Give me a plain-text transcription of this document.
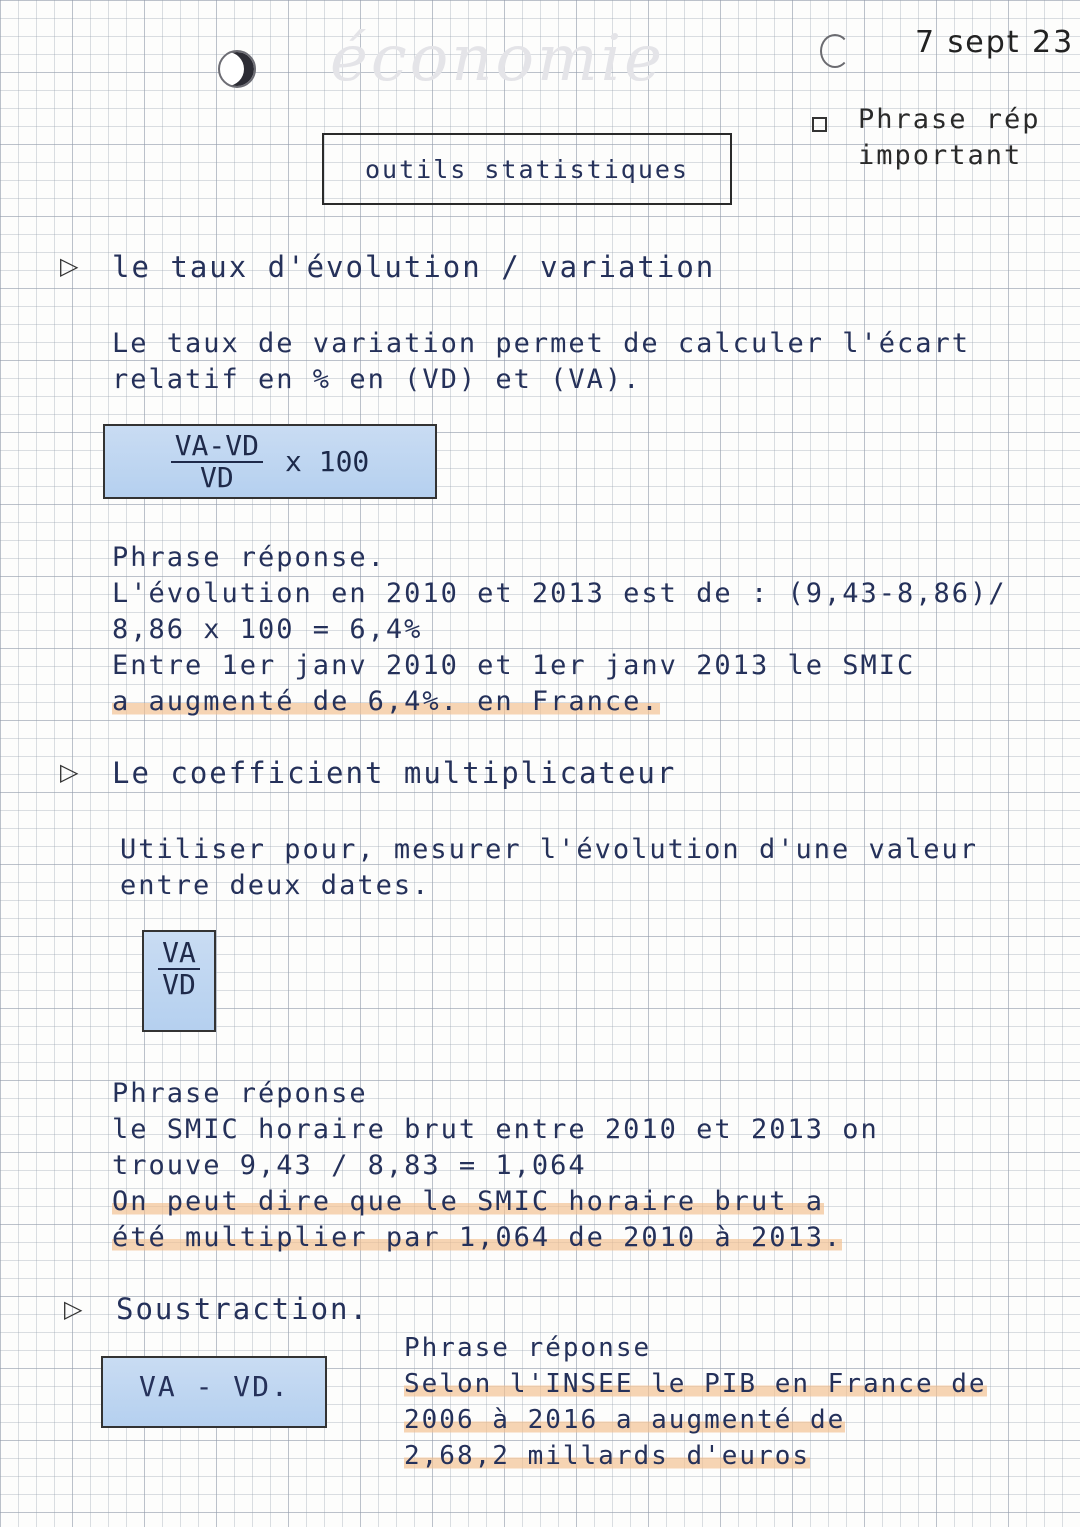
économie	7 sept 23
outils statistiques
Phrase rép
important
▷ le taux d'évolution / variation
Le taux de variation permet de calculer l'écart
relatif en % en (VD) et (VA).
$\frac{VA-VD}{VD}$ x 100
Phrase réponse.
L'évolution en 2010 et 2013 est de : (9,43-8,86)/
8,86 x 100 = 6,4%
Entre 1er janv 2010 et 1er janv 2013 le SMIC
a augmenté de 6,4%. en France.
▷ Le coefficient multiplicateur
Utiliser pour, mesurer l'évolution d'une valeur
entre deux dates.
$\frac{VA}{VD}$
Phrase réponse
le SMIC horaire brut entre 2010 et 2013 on
trouve 9,43 / 8,83 = 1,064
On peut dire que le SMIC horaire brut a
été multiplier par 1,064 de 2010 à 2013.
▷ Soustraction.
VA - VD.
Phrase réponse
Selon l'INSEE le PIB en France de
2006 à 2016 a augmenté de
2,68,2 millards d'euros
